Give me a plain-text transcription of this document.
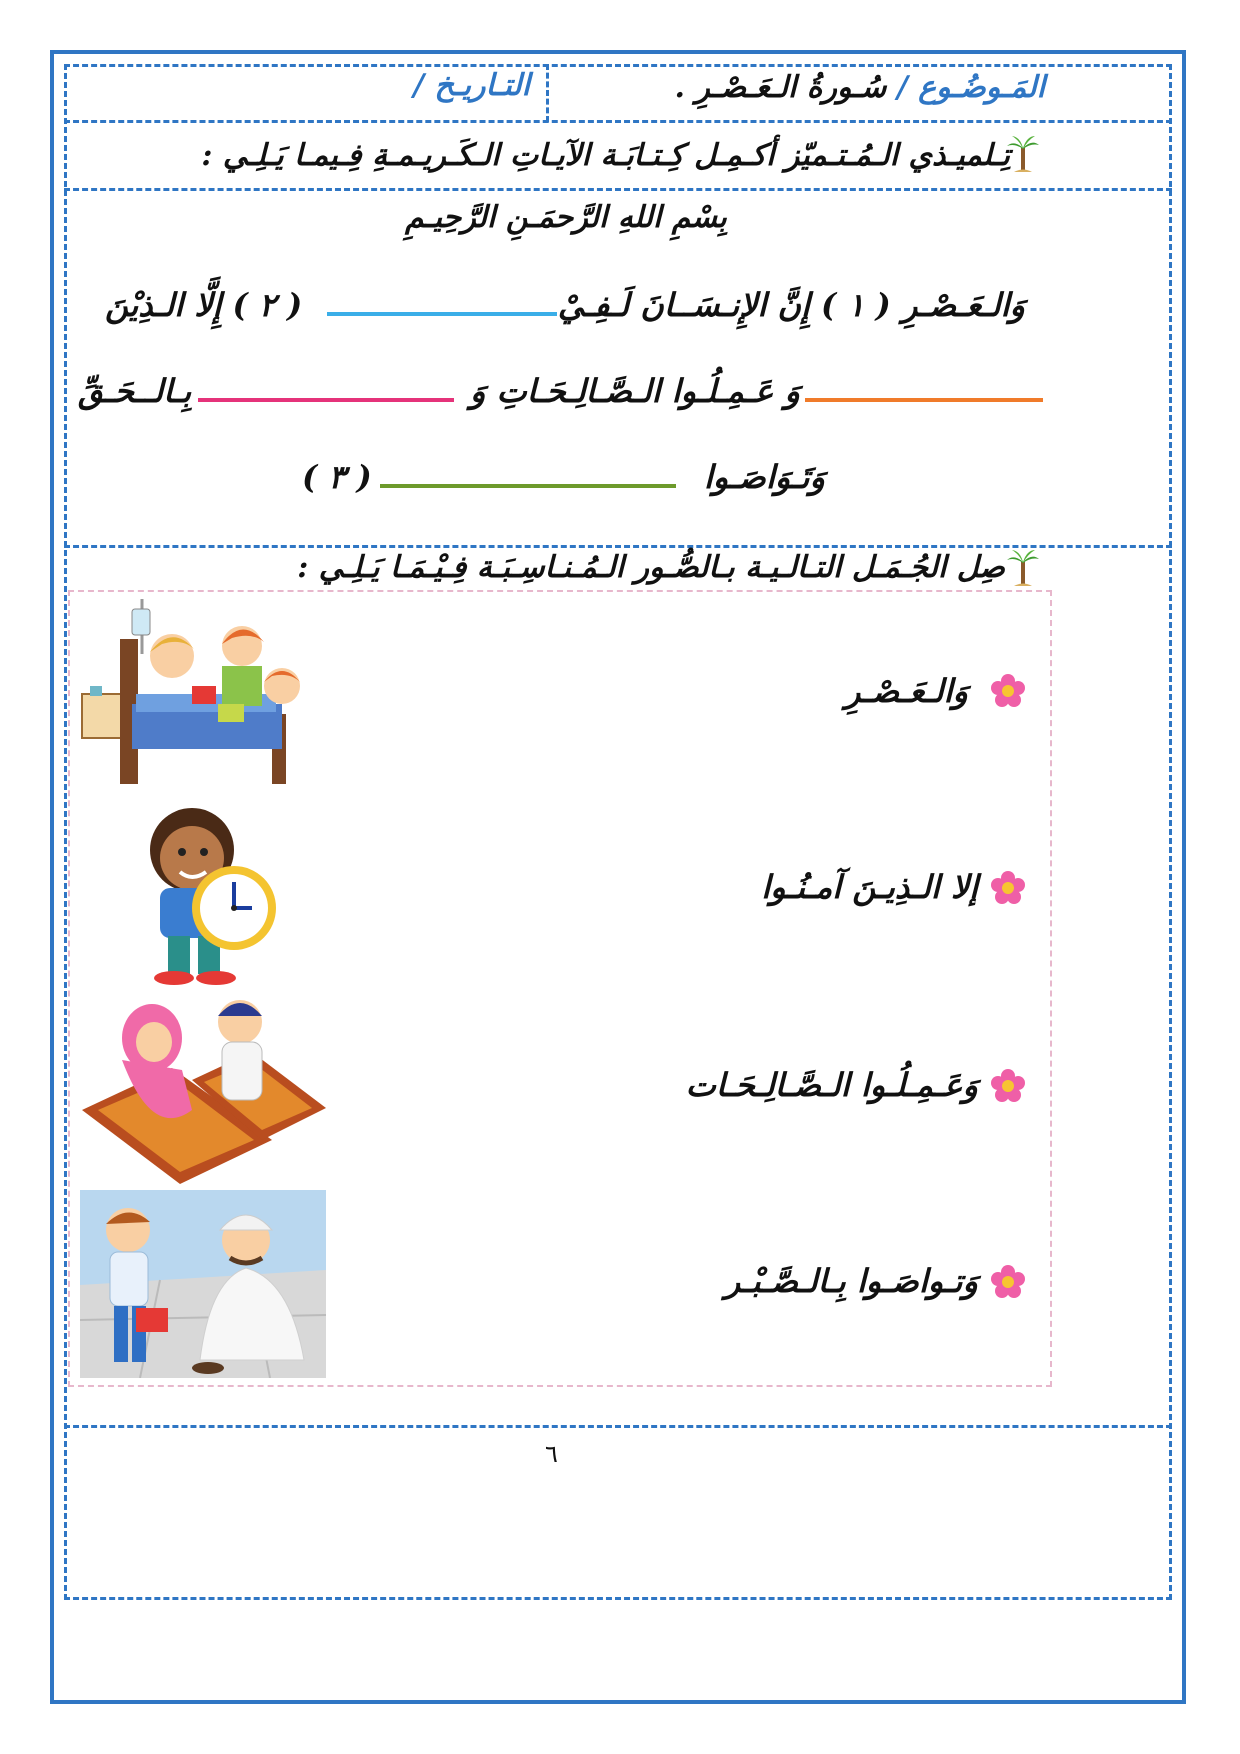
المَـوضُـوع / سُـورةُ الـعَـصْـرِ .
التـاريـخ /
تِـلميـذي الـمُـتـميّز أكـمِـل كِـتـابَـة الآيـاتِ الـكَـريـمـةِ فِـيمـا يَـلِـي :
بِسْمِ اللهِ الرَّحمَـنِ الرَّحِيـمِ
وَالـعَـصْـرِ ( ١ ) إِنَّ الإِنـسَــانَ لَـفِـيْ
( ٢ ) إِلَّا الـذِيْنَ
وَ عَـمِـلُـوا الـصَّـالِـحَـاتِ وَ
بِـالــحَـقِّ
وَتَـوَاصَـوا
( ٣ )
صِل الجُـمَـل التـالـيـة بـالصُّـور الـمُـنـاسِـبَـة فِـيْـمَـا يَـلِـي :
وَالـعَـصْـرِ
إلا الـذِيـنَ آمـنُـوا
وَعَـمِـلُـوا الـصَّـالِـحَـات
وَتـواصَـوا بِـالـصَّـبْـر
٦
